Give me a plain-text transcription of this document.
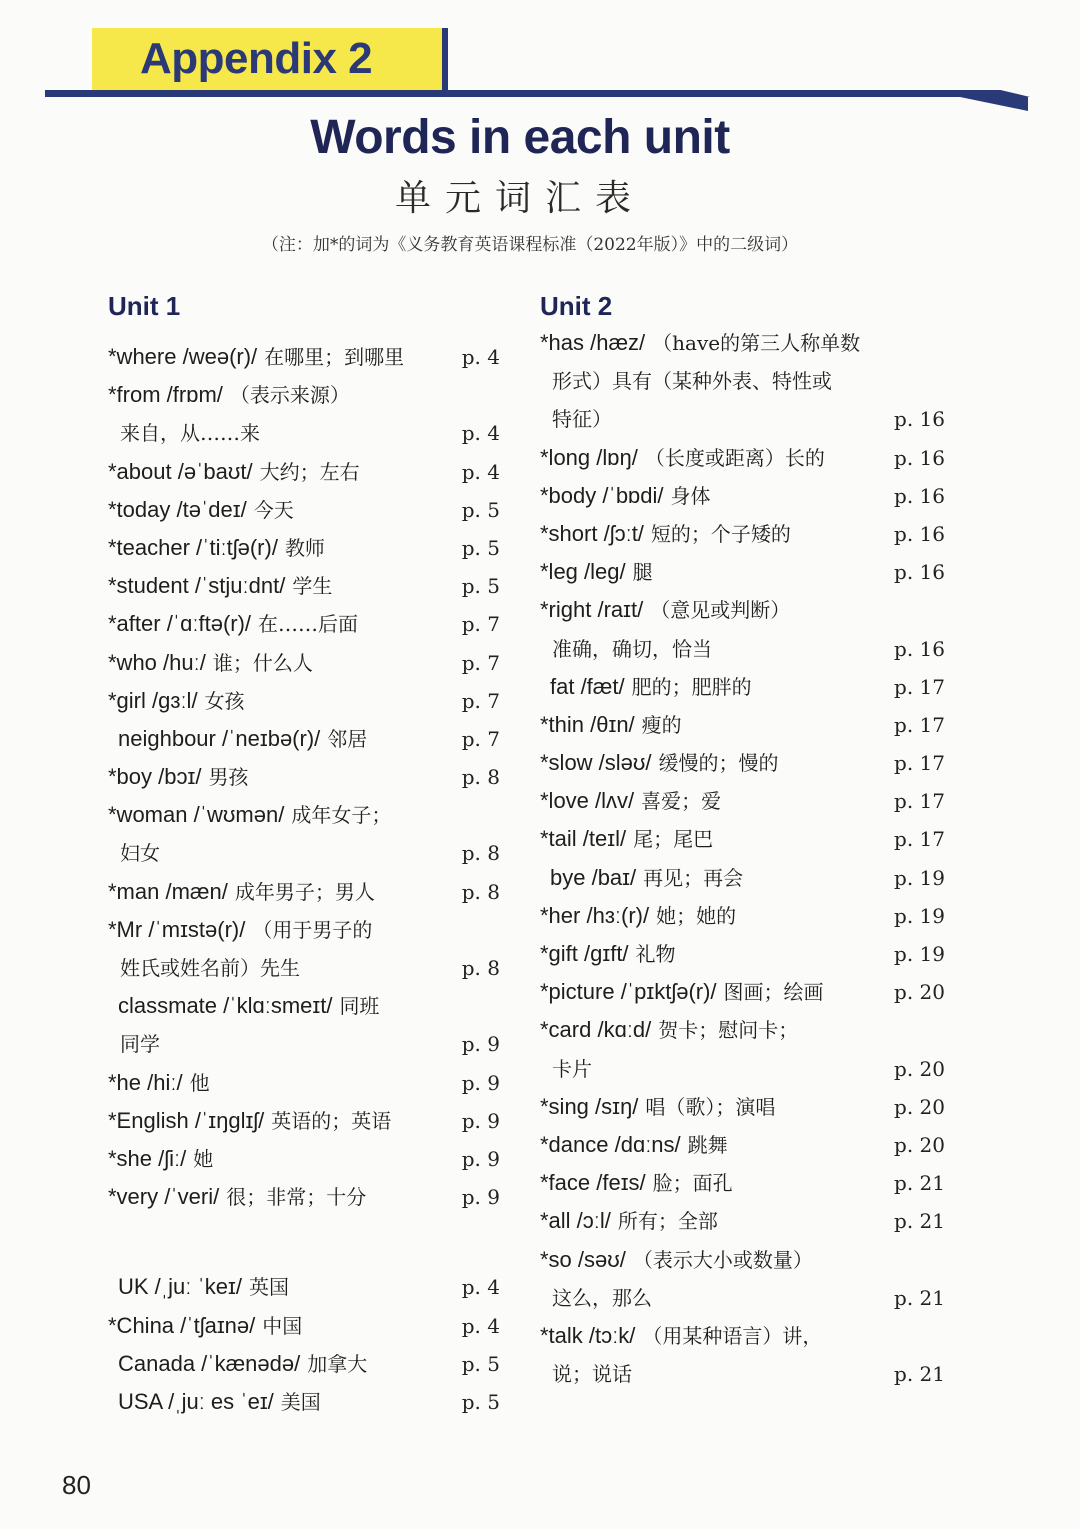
Appendix 2
Words in each unit
单元词汇表
（注：加*的词为《义务教育英语课程标准（2022年版）》中的二级词）
Unit 1
*where /weə(r)/ 在哪里；到哪里	p. 4
*from /frɒm/ （表示来源）
来自，从……来	p. 4
*about /əˈbaʊt/ 大约；左右	p. 4
*today /təˈdeɪ/ 今天	p. 5
*teacher /ˈtiːtʃə(r)/ 教师	p. 5
*student /ˈstjuːdnt/ 学生	p. 5
*after /ˈɑːftə(r)/ 在……后面	p. 7
*who /huː/ 谁；什么人	p. 7
*girl /ɡɜːl/ 女孩	p. 7
neighbour /ˈneɪbə(r)/ 邻居	p. 7
*boy /bɔɪ/ 男孩	p. 8
*woman /ˈwʊmən/ 成年女子；
妇女	p. 8
*man /mæn/ 成年男子；男人	p. 8
*Mr /ˈmɪstə(r)/ （用于男子的
姓氏或姓名前）先生	p. 8
classmate /ˈklɑːsmeɪt/ 同班
同学	p. 9
*he /hiː/ 他	p. 9
*English /ˈɪŋɡlɪʃ/ 英语的；英语	p. 9
*she /ʃiː/ 她	p. 9
*very /ˈveri/ 很；非常；十分	p. 9
UK /ˌjuː ˈkeɪ/ 英国	p. 4
*China /ˈtʃaɪnə/ 中国	p. 4
Canada /ˈkænədə/ 加拿大	p. 5
USA /ˌjuː es ˈeɪ/ 美国	p. 5
Unit 2
*has /hæz/ （have的第三人称单数
形式）具有（某种外表、特性或
特征）	p. 16
*long /lɒŋ/ （长度或距离）长的	p. 16
*body /ˈbɒdi/ 身体	p. 16
*short /ʃɔːt/ 短的；个子矮的	p. 16
*leg /leɡ/ 腿	p. 16
*right /raɪt/ （意见或判断）
准确，确切，恰当	p. 16
fat /fæt/ 肥的；肥胖的	p. 17
*thin /θɪn/ 瘦的	p. 17
*slow /sləʊ/ 缓慢的；慢的	p. 17
*love /lʌv/ 喜爱；爱	p. 17
*tail /teɪl/ 尾；尾巴	p. 17
bye /baɪ/ 再见；再会	p. 19
*her /hɜː(r)/ 她；她的	p. 19
*gift /ɡɪft/ 礼物	p. 19
*picture /ˈpɪktʃə(r)/ 图画；绘画	p. 20
*card /kɑːd/ 贺卡；慰问卡；
卡片	p. 20
*sing /sɪŋ/ 唱（歌）；演唱	p. 20
*dance /dɑːns/ 跳舞	p. 20
*face /feɪs/ 脸；面孔	p. 21
*all /ɔːl/ 所有；全部	p. 21
*so /səʊ/ （表示大小或数量）
这么，那么	p. 21
*talk /tɔːk/ （用某种语言）讲，
说；说话	p. 21
80
